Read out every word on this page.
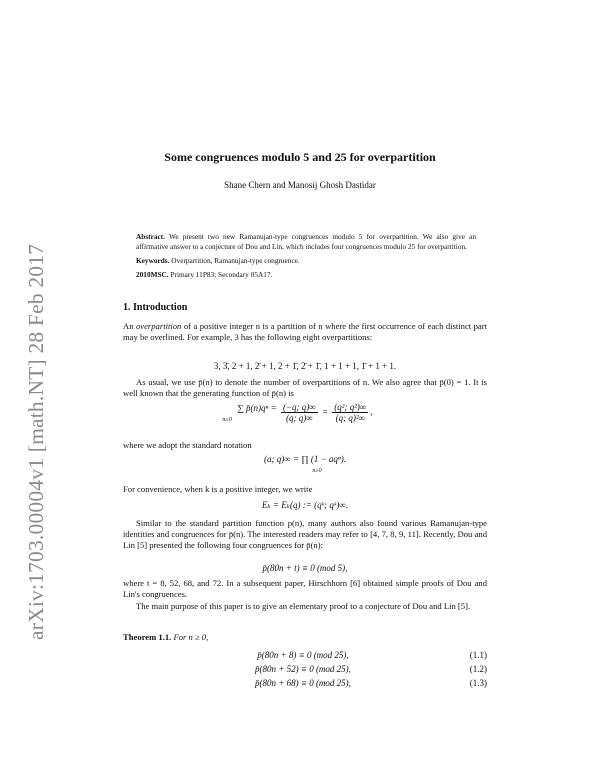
arXiv:1703.00004v1 [math.NT] 28 Feb 2017
Some congruences modulo 5 and 25 for overpartition
Shane Chern and Manosij Ghosh Dastidar

Abstract. We present two new Ramanujan-type congruences modulo 5 for overpartition. We also give an affirmative answer to a conjecture of Dou and Lin, which includes four congruences modulo 25 for overpartition.

Keywords. Overpartition, Ramanujan-type congruence.

2010MSC. Primary 11P83; Secondary 05A17.

1. Introduction

An overpartition of a positive integer n is a partition of n where the first occurrence of each distinct part may be overlined. For example, 3 has the following eight overpartitions:

3, 3̄, 2 + 1, 2̄ + 1, 2 + 1̄, 2̄ + 1̄, 1 + 1 + 1, 1̄ + 1 + 1.

As usual, we use p̄(n) to denote the number of overpartitions of n. We also agree that p̄(0) = 1. It is well known that the generating function of p̄(n) is

∑ p̄(n)qⁿ =
n≥0	$\frac{(-q; q)\infty}{(q; q)\infty} = \frac{\text{(q²; q²)∞}}{\text{(q; q)²∞}}$ ,

where we adopt the standard notation

(a; q)∞ = ∏ (1 − aqⁿ).
n≥0

For convenience, when k is a positive integer, we write

Eₖ = Eₖ(q) := (qᵏ; qᵏ)∞.

Similar to the standard partition function p(n), many authors also found various Ramanujan-type identities and congruences for p̄(n). The interested readers may refer to [4, 7, 8, 9, 11]. Recently, Dou and Lin [5] presented the following four congruences for p̄(n):

p̄(80n + t) ≡ 0 (mod 5),

where t = 8, 52, 68, and 72. In a subsequent paper, Hirschhorn [6] obtained simple proofs of Dou and Lin's congruences.

The main purpose of this paper is to give an elementary proof to a conjecture of Dou and Lin [5].

Theorem 1.1. For n ≥ 0,

p̄(80n + 8) ≡ 0 (mod 25),	(1.1)
p̄(80n + 52) ≡ 0 (mod 25),	(1.2)
p̄(80n + 68) ≡ 0 (mod 25),	(1.3)
